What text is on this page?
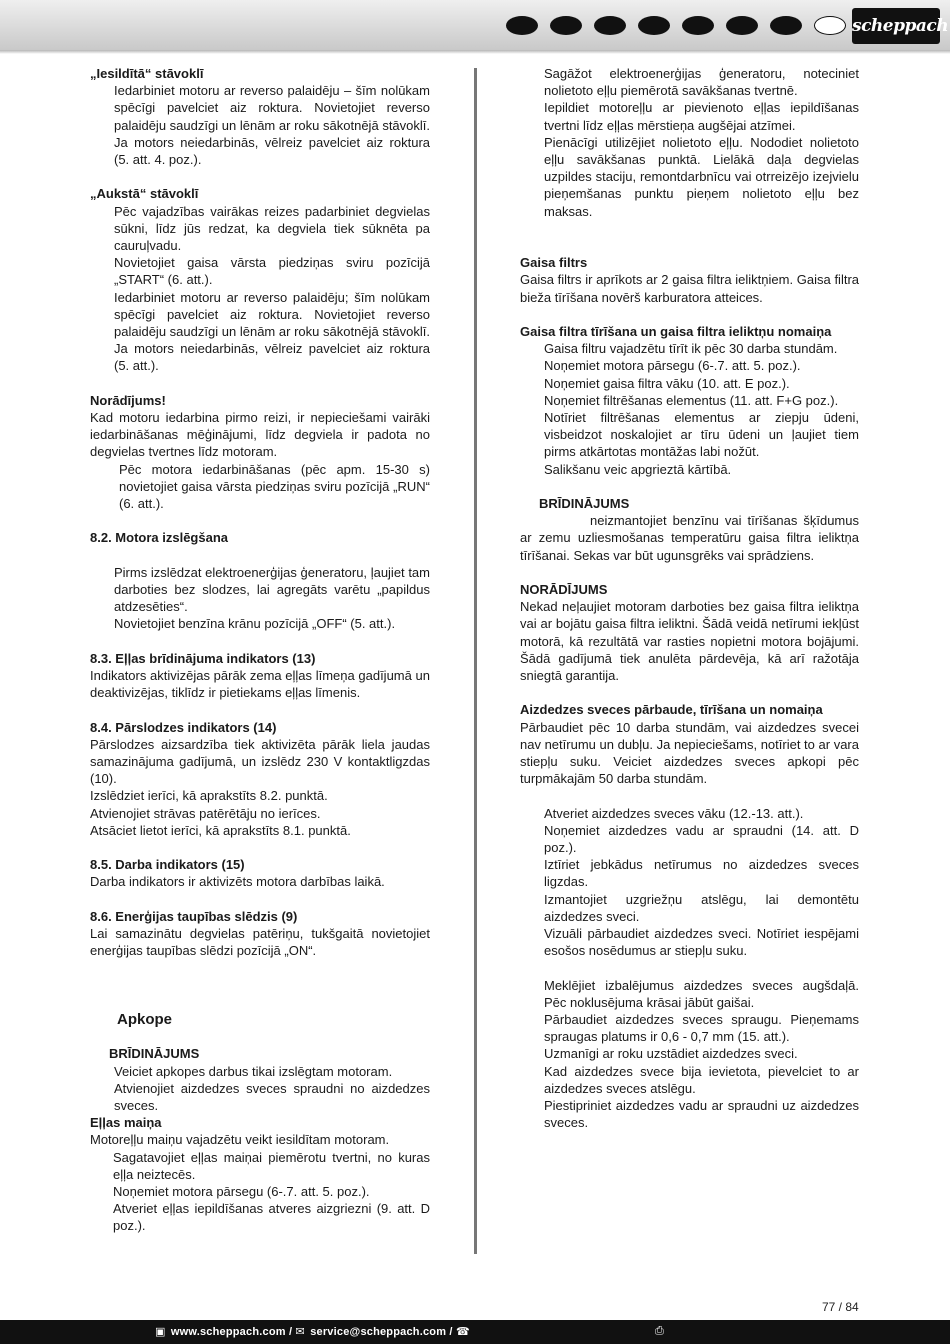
scheppach

„Iesildītā“ stāvoklī

Iedarbiniet motoru ar reverso palaidēju – šīm nolūkam spēcīgi pavelciet aiz roktura. Novietojiet reverso palaidēju saudzīgi un lēnām ar roku sākotnējā stāvoklī. Ja motors neiedarbinās, vēlreiz pavelciet aiz roktura (5. att. 4. poz.).

„Aukstā“ stāvoklī

Pēc vajadzības vairākas reizes padarbiniet degvielas sūkni, līdz jūs redzat, ka degviela tiek sūknēta pa cauruļvadu.

Novietojiet gaisa vārsta piedziņas sviru pozīcijā „START“ (6. att.).

Iedarbiniet motoru ar reverso palaidēju; šīm nolūkam spēcīgi pavelciet aiz roktura. Novietojiet reverso palaidēju saudzīgi un lēnām ar roku sākotnējā stāvoklī. Ja motors neiedarbinās, vēlreiz pavelciet aiz roktura (5. att.).

Norādījums!

Kad motoru iedarbina pirmo reizi, ir nepieciešami vairāki iedarbināšanas mēģinājumi, līdz degviela ir padota no degvielas tvertnes līdz motoram.

Pēc motora iedarbināšanas (pēc apm. 15-30 s) novietojiet gaisa vārsta piedziņas sviru pozīcijā „RUN“ (6. att.).

8.2. Motora izslēgšana

Pirms izslēdzat elektroenerģijas ģeneratoru, ļaujiet tam darboties bez slodzes, lai agregāts varētu „papildus atdzesēties“.

Novietojiet benzīna krānu pozīcijā „OFF“ (5. att.).

8.3. Eļļas brīdinājuma indikators (13)

Indikators aktivizējas pārāk zema eļļas līmeņa gadījumā un deaktivizējas, tiklīdz ir pietiekams eļļas līmenis.

8.4. Pārslodzes indikators (14)

Pārslodzes aizsardzība tiek aktivizēta pārāk liela jaudas samazinājuma gadījumā, un izslēdz 230 V kontaktligzdas (10).

Izslēdziet ierīci, kā aprakstīts 8.2. punktā.

Atvienojiet strāvas patērētāju no ierīces.

Atsāciet lietot ierīci, kā aprakstīts 8.1. punktā.

8.5. Darba indikators (15)

Darba indikators ir aktivizēts motora darbības laikā.

8.6. Enerģijas taupības slēdzis (9)

Lai samazinātu degvielas patēriņu, tukšgaitā novietojiet enerģijas taupības slēdzi pozīcijā „ON“.

Apkope

BRĪDINĀJUMS

Veiciet apkopes darbus tikai izslēgtam motoram.

Atvienojiet aizdedzes sveces spraudni no aizdedzes sveces.

Eļļas maiņa

Motoreļļu maiņu vajadzētu veikt iesildītam motoram.

Sagatavojiet eļļas maiņai piemērotu tvertni, no kuras eļļa neiztecēs.

Noņemiet motora pārsegu (6-.7. att. 5. poz.).

Atveriet eļļas iepildīšanas atveres aizgriezni (9. att. D poz.).

Sagāžot elektroenerģijas ģeneratoru, noteciniet nolietoto eļļu piemērotā savākšanas tvertnē.

Iepildiet motoreļļu ar pievienoto eļļas iepildīšanas tvertni līdz eļļas mērstieņa augšējai atzīmei.

Pienācīgi utilizējiet nolietoto eļļu. Nododiet nolietoto eļļu savākšanas punktā. Lielākā daļa degvielas uzpildes staciju, remontdarbnīcu vai otrreizējo izejvielu pieņemšanas punktu pieņem nolietoto eļļu bez maksas.

Gaisa filtrs

Gaisa filtrs ir aprīkots ar 2 gaisa filtra ieliktņiem. Gaisa filtra bieža tīrīšana novērš karburatora atteices.

Gaisa filtra tīrīšana un gaisa filtra ieliktņu nomaiņa

Gaisa filtru vajadzētu tīrīt ik pēc 30 darba stundām.

Noņemiet motora pārsegu (6-.7. att. 5. poz.).

Noņemiet gaisa filtra vāku (10. att. E poz.).

Noņemiet filtrēšanas elementus (11. att. F+G poz.).

Notīriet filtrēšanas elementus ar ziepju ūdeni, visbeidzot noskalojiet ar tīru ūdeni un ļaujiet tiem pirms atkārtotas montāžas labi nožūt.

Salikšanu veic apgrieztā kārtībā.

BRĪDINĀJUMS

neizmantojiet benzīnu vai tīrīšanas šķīdumus ar zemu uzliesmošanas temperatūru gaisa filtra ieliktņa tīrīšanai. Sekas var būt ugunsgrēks vai sprādziens.

NORĀDĪJUMS

Nekad neļaujiet motoram darboties bez gaisa filtra ieliktņa vai ar bojātu gaisa filtra ieliktni. Šādā veidā netīrumi iekļūst motorā, kā rezultātā var rasties nopietni motora bojājumi. Šādā gadījumā tiek anulēta pārdevēja, kā arī ražotāja sniegtā garantija.

Aizdedzes sveces pārbaude, tīrīšana un nomaiņa

Pārbaudiet pēc 10 darba stundām, vai aizdedzes svecei nav netīrumu un dubļu. Ja nepieciešams, notīriet to ar vara stiepļu suku. Veiciet aizdedzes sveces apkopi pēc turpmākajām 50 darba stundām.

Atveriet aizdedzes sveces vāku (12.-13. att.).

Noņemiet aizdedzes vadu ar spraudni (14. att. D poz.).

Iztīriet jebkādus netīrumus no aizdedzes sveces ligzdas.

Izmantojiet uzgriežņu atslēgu, lai demontētu aizdedzes sveci.

Vizuāli pārbaudiet aizdedzes sveci. Notīriet iespējami esošos nosēdumus ar stiepļu suku.

Meklējiet izbalējumus aizdedzes sveces augšdaļā. Pēc noklusējuma krāsai jābūt gaišai.

Pārbaudiet aizdedzes sveces spraugu. Pieņemams spraugas platums ir 0,6 - 0,7 mm (15. att.).

Uzmanīgi ar roku uzstādiet aizdedzes sveci.

Kad aizdedzes svece bija ievietota, pievelciet to ar aizdedzes sveces atslēgu.

Piestipriniet aizdedzes vadu ar spraudni uz aizdedzes sveces.

77 / 84
▣ www.scheppach.com / ✉ service@scheppach.com / ☎	⎙
